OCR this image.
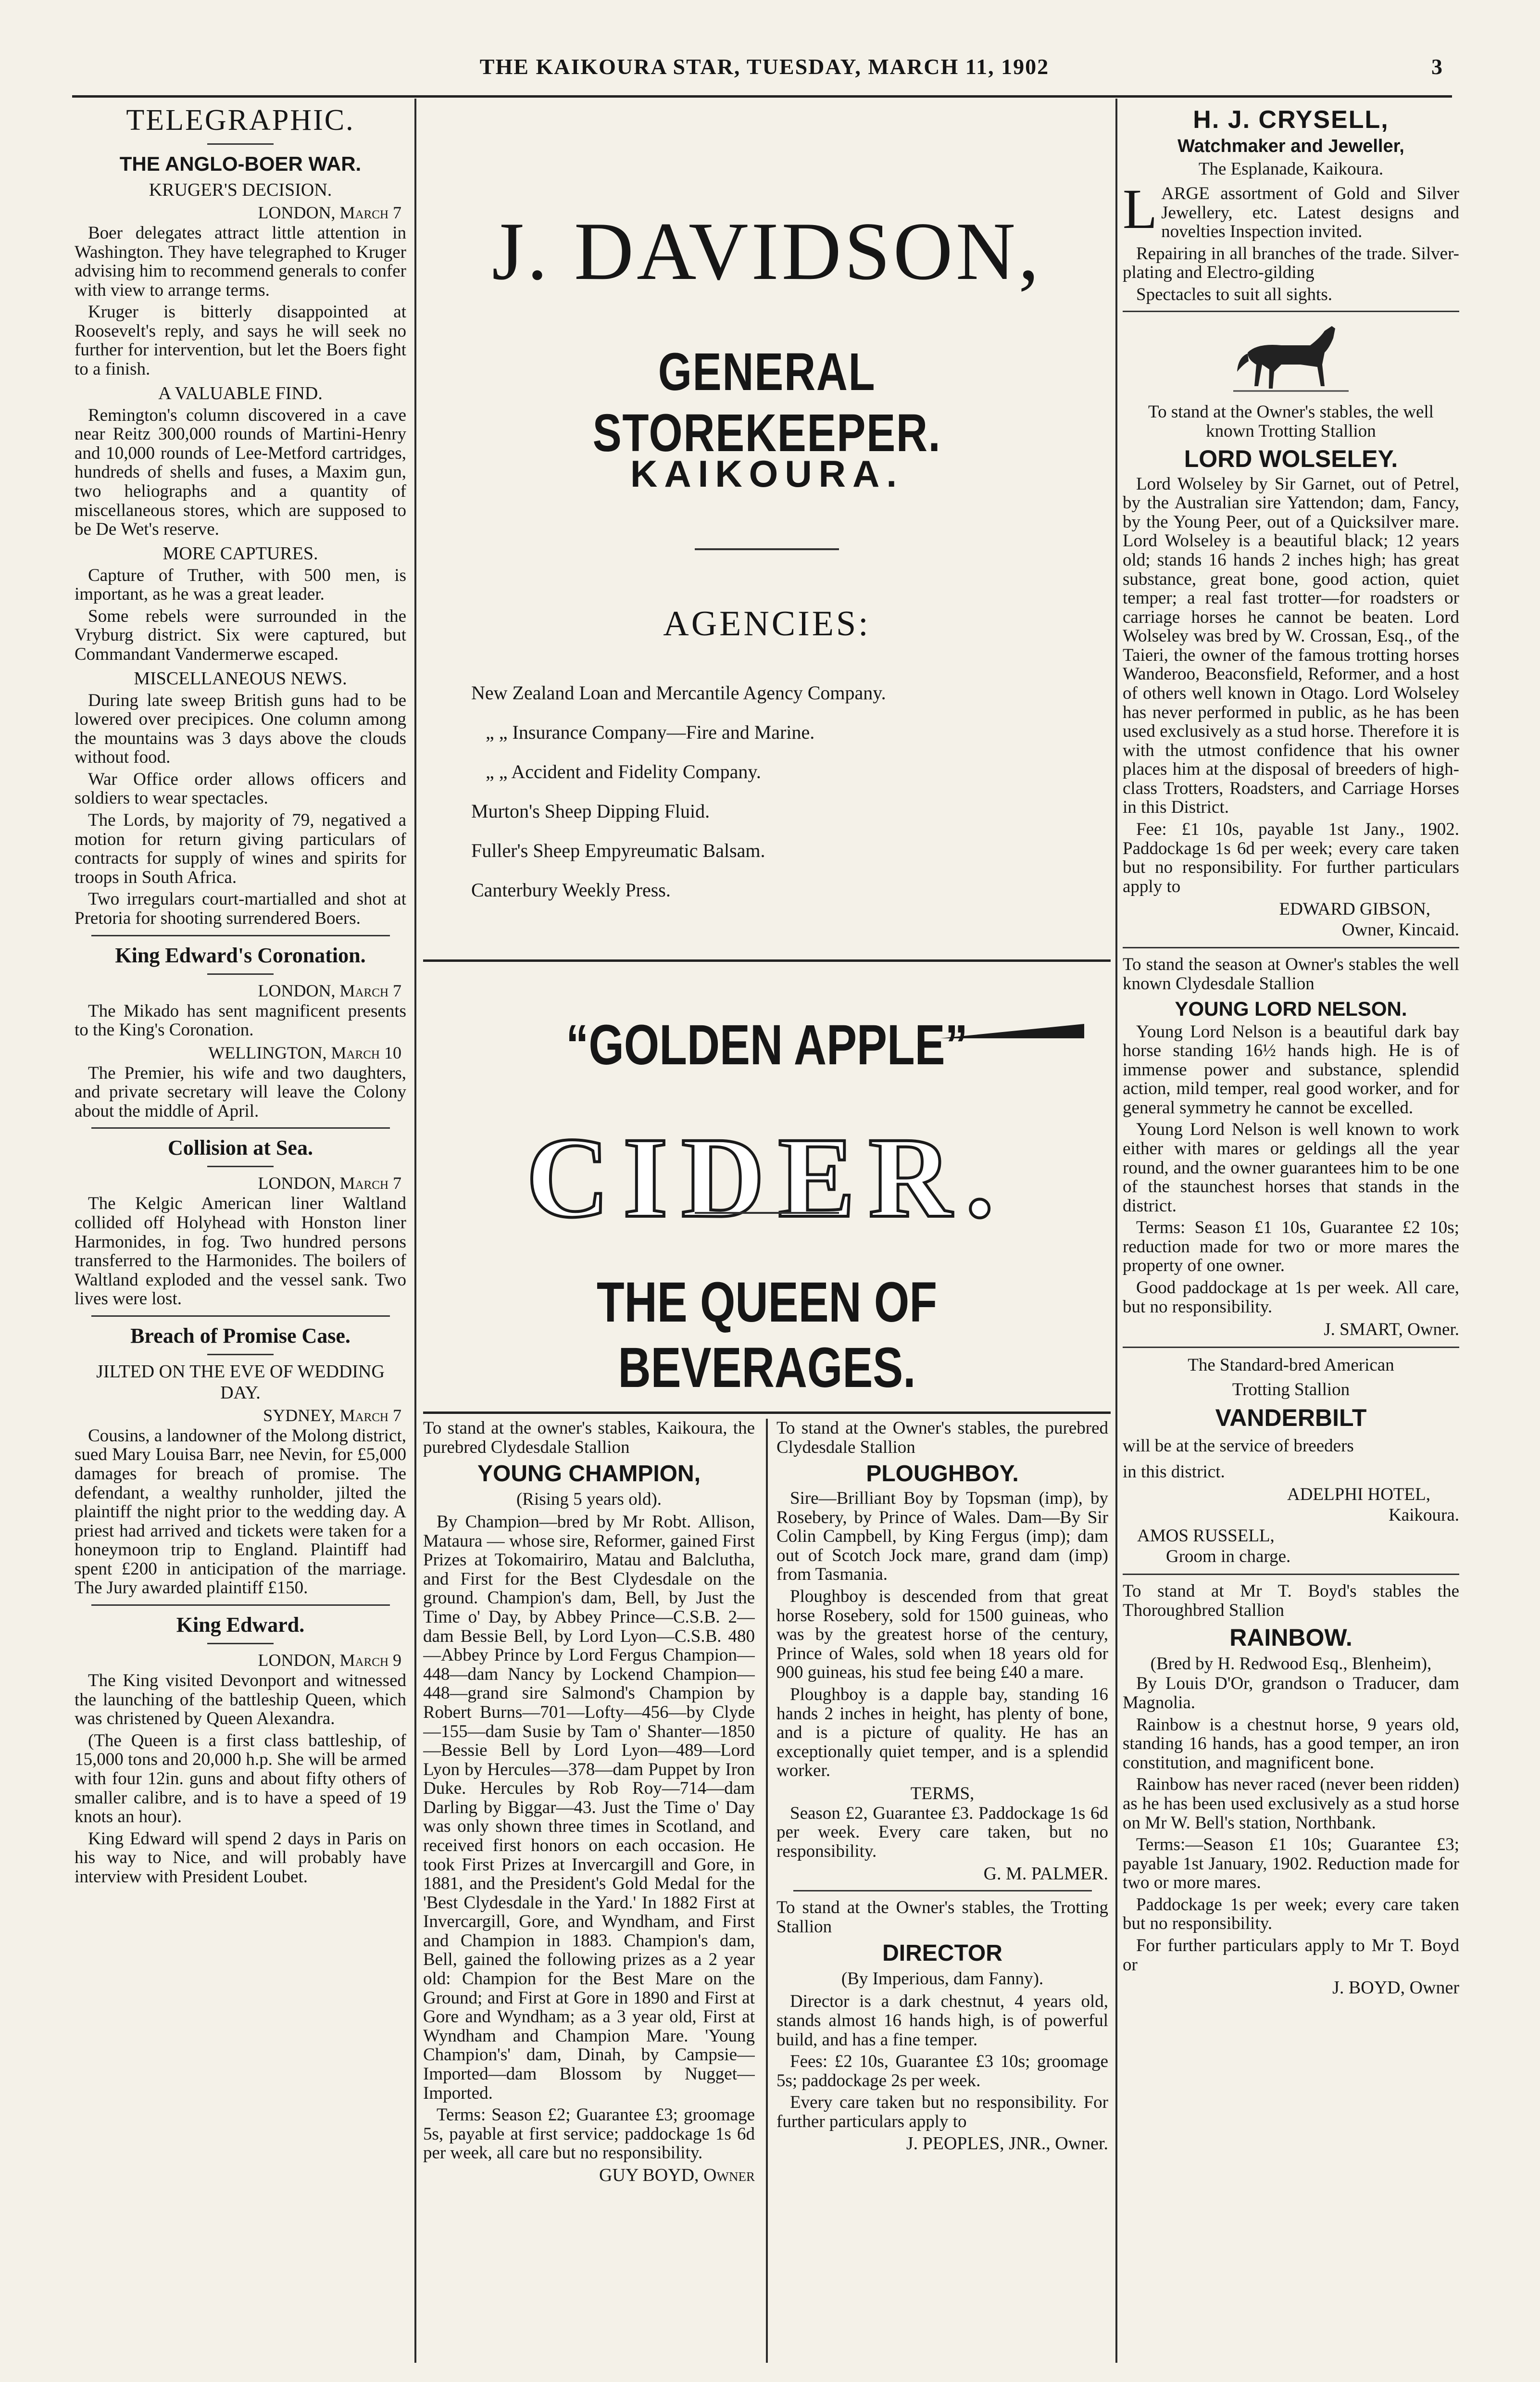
THE KAIKOURA STAR, TUESDAY, MARCH 11, 1902	3
TELEGRAPHIC.
THE ANGLO-BOER WAR.
KRUGER'S DECISION.
LONDON, March 7

Boer delegates attract little attention in Washington. They have telegraphed to Kruger advising him to recommend generals to confer with view to arrange terms.

Kruger is bitterly disappointed at Roosevelt's reply, and says he will seek no further for intervention, but let the Boers fight to a finish.

A VALUABLE FIND.

Remington's column discovered in a cave near Reitz 300,000 rounds of Martini-Henry and 10,000 rounds of Lee-Metford cartridges, hundreds of shells and fuses, a Maxim gun, two heliographs and a quantity of miscellaneous stores, which are supposed to be De Wet's reserve.

MORE CAPTURES.

Capture of Truther, with 500 men, is important, as he was a great leader.

Some rebels were surrounded in the Vryburg district. Six were captured, but Commandant Vandermerwe escaped.

MISCELLANEOUS NEWS.

During late sweep British guns had to be lowered over precipices. One column among the mountains was 3 days above the clouds without food.

War Office order allows officers and soldiers to wear spectacles.

The Lords, by majority of 79, negatived a motion for return giving particulars of contracts for supply of wines and spirits for troops in South Africa.

Two irregulars court-martialled and shot at Pretoria for shooting surrendered Boers.

King Edward's Coronation.
LONDON, March 7

The Mikado has sent magnificent presents to the King's Coronation.

WELLINGTON, March 10

The Premier, his wife and two daughters, and private secretary will leave the Colony about the middle of April.

Collision at Sea.
LONDON, March 7

The Kelgic American liner Waltland collided off Holyhead with Honston liner Harmonides, in fog. Two hundred persons transferred to the Harmonides. The boilers of Waltland exploded and the vessel sank. Two lives were lost.

Breach of Promise Case.
JILTED ON THE EVE OF WEDDING DAY.
SYDNEY, March 7

Cousins, a landowner of the Molong district, sued Mary Louisa Barr, nee Nevin, for £5,000 damages for breach of promise. The defendant, a wealthy runholder, jilted the plaintiff the night prior to the wedding day. A priest had arrived and tickets were taken for a honeymoon trip to England. Plaintiff had spent £200 in anticipation of the marriage. The Jury awarded plaintiff £150.

King Edward.
LONDON, March 9

The King visited Devonport and witnessed the launching of the battleship Queen, which was christened by Queen Alexandra.

(The Queen is a first class battleship, of 15,000 tons and 20,000 h.p. She will be armed with four 12in. guns and about fifty others of smaller calibre, and is to have a speed of 19 knots an hour).

King Edward will spend 2 days in Paris on his way to Nice, and will probably have interview with President Loubet.

J. DAVIDSON,
GENERAL STOREKEEPER.
KAIKOURA.
AGENCIES:
New Zealand Loan and Mercantile Agency Company.
„ „ Insurance Company—Fire and Marine.
„ „ Accident and Fidelity Company.
Murton's Sheep Dipping Fluid.
Fuller's Sheep Empyreumatic Balsam.
Canterbury Weekly Press.
“GOLDEN APPLE”
CIDER.
THE QUEEN OF BEVERAGES.

To stand at the owner's stables, Kaikoura, the purebred Clydesdale Stallion

YOUNG CHAMPION,
(Rising 5 years old).

By Champion—bred by Mr Robt. Allison, Mataura — whose sire, Reformer, gained First Prizes at Tokomairiro, Matau and Balclutha, and First for the Best Clydesdale on the ground. Champion's dam, Bell, by Just the Time o' Day, by Abbey Prince—C.S.B. 2—dam Bessie Bell, by Lord Lyon—C.S.B. 480—Abbey Prince by Lord Fergus Champion—448—dam Nancy by Lockend Champion—448—grand sire Salmond's Champion by Robert Burns—701—Lofty—456—by Clyde—155—dam Susie by Tam o' Shanter—1850—Bessie Bell by Lord Lyon—489—Lord Lyon by Hercules—378—dam Puppet by Iron Duke. Hercules by Rob Roy—714—dam Darling by Biggar—43. Just the Time o' Day was only shown three times in Scotland, and received first honors on each occasion. He took First Prizes at Invercargill and Gore, in 1881, and the President's Gold Medal for the 'Best Clydesdale in the Yard.' In 1882 First at Invercargill, Gore, and Wyndham, and First and Champion in 1883. Champion's dam, Bell, gained the following prizes as a 2 year old: Champion for the Best Mare on the Ground; and First at Gore in 1890 and First at Gore and Wyndham; as a 3 year old, First at Wyndham and Champion Mare. 'Young Champion's' dam, Dinah, by Campsie—Imported—dam Blossom by Nugget—Imported.

Terms: Season £2; Guarantee £3; groomage 5s, payable at first service; paddockage 1s 6d per week, all care but no responsibility.

GUY BOYD, Owner

To stand at the Owner's stables, the purebred Clydesdale Stallion

PLOUGHBOY.

Sire—Brilliant Boy by Topsman (imp), by Rosebery, by Prince of Wales. Dam—By Sir Colin Campbell, by King Fergus (imp); dam out of Scotch Jock mare, grand dam (imp) from Tasmania.

Ploughboy is descended from that great horse Rosebery, sold for 1500 guineas, who was by the greatest horse of the century, Prince of Wales, sold when 18 years old for 900 guineas, his stud fee being £40 a mare.

Ploughboy is a dapple bay, standing 16 hands 2 inches in height, has plenty of bone, and is a picture of quality. He has an exceptionally quiet temper, and is a splendid worker.

TERMS,

Season £2, Guarantee £3. Paddockage 1s 6d per week. Every care taken, but no responsibility.

G. M. PALMER.

To stand at the Owner's stables, the Trotting Stallion

DIRECTOR
(By Imperious, dam Fanny).

Director is a dark chestnut, 4 years old, stands almost 16 hands high, is of powerful build, and has a fine temper.

Fees: £2 10s, Guarantee £3 10s; groomage 5s; paddockage 2s per week.

Every care taken but no responsibility. For further particulars apply to

J. PEOPLES, JNR., Owner.

H. J. CRYSELL,
Watchmaker and Jeweller,
The Esplanade, Kaikoura.

LARGE assortment of Gold and Silver Jewellery, etc. Latest designs and novelties Inspection invited.

Repairing in all branches of the trade. Silver-plating and Electro-gilding

Spectacles to suit all sights.

To stand at the Owner's stables, the well known Trotting Stallion

LORD WOLSELEY.

Lord Wolseley by Sir Garnet, out of Petrel, by the Australian sire Yattendon; dam, Fancy, by the Young Peer, out of a Quicksilver mare. Lord Wolseley is a beautiful black; 12 years old; stands 16 hands 2 inches high; has great substance, great bone, good action, quiet temper; a real fast trotter—for roadsters or carriage horses he cannot be beaten. Lord Wolseley was bred by W. Crossan, Esq., of the Taieri, the owner of the famous trotting horses Wanderoo, Beaconsfield, Reformer, and a host of others well known in Otago. Lord Wolseley has never performed in public, as he has been used exclusively as a stud horse. Therefore it is with the utmost confidence that his owner places him at the disposal of breeders of high-class Trotters, Roadsters, and Carriage Horses in this District.

Fee: £1 10s, payable 1st Jany., 1902. Paddockage 1s 6d per week; every care taken but no responsibility. For further particulars apply to

EDWARD GIBSON,
Owner, Kincaid.

To stand the season at Owner's stables the well known Clydesdale Stallion

YOUNG LORD NELSON.

Young Lord Nelson is a beautiful dark bay horse standing 16½ hands high. He is of immense power and substance, splendid action, mild temper, real good worker, and for general symmetry he cannot be excelled.

Young Lord Nelson is well known to work either with mares or geldings all the year round, and the owner guarantees him to be one of the staunchest horses that stands in the district.

Terms: Season £1 10s, Guarantee £2 10s; reduction made for two or more mares the property of one owner.

Good paddockage at 1s per week. All care, but no responsibility.

J. SMART, Owner.
The Standard-bred American
Trotting Stallion
VANDERBILT

will be at the service of breeders

in this district.

ADELPHI HOTEL,
Kaikoura.
AMOS RUSSELL,
Groom in charge.

To stand at Mr T. Boyd's stables the Thoroughbred Stallion

RAINBOW.
(Bred by H. Redwood Esq., Blenheim),

By Louis D'Or, grandson o Traducer, dam Magnolia.

Rainbow is a chestnut horse, 9 years old, standing 16 hands, has a good temper, an iron constitution, and magnificent bone.

Rainbow has never raced (never been ridden) as he has been used exclusively as a stud horse on Mr W. Bell's station, Northbank.

Terms:—Season £1 10s; Guarantee £3; payable 1st January, 1902. Reduction made for two or more mares.

Paddockage 1s per week; every care taken but no responsibility.

For further particulars apply to Mr T. Boyd or

J. BOYD, Owner
